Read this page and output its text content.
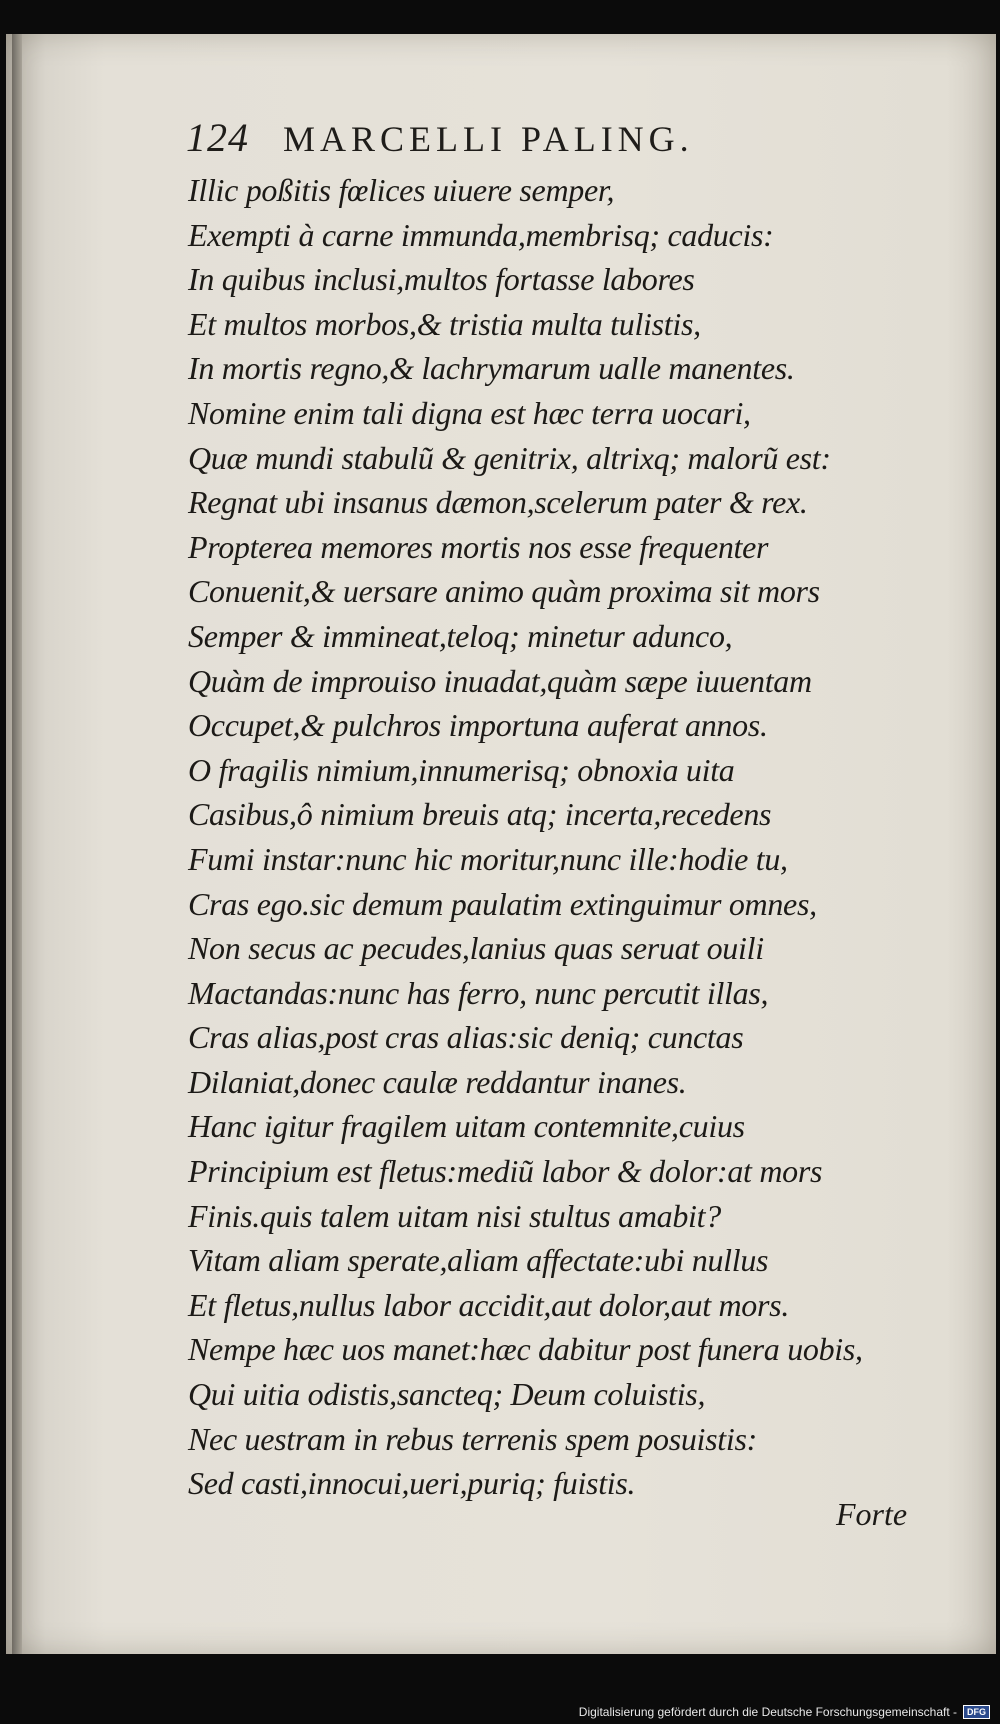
124 MARCELLI PALING.
Illic poßitis fœlices uiuere semper,
Exempti à carne immunda,membrisq; caducis:
In quibus inclusi,multos fortasse labores
Et multos morbos,& tristia multa tulistis,
In mortis regno,& lachrymarum ualle manentes.
Nomine enim tali digna est hæc terra uocari,
Quæ mundi stabulũ & genitrix, altrixq; malorũ est:
Regnat ubi insanus dæmon,scelerum pater & rex.
Propterea memores mortis nos esse frequenter
Conuenit,& uersare animo quàm proxima sit mors
Semper & immineat,teloq; minetur adunco,
Quàm de improuiso inuadat,quàm sæpe iuuentam
Occupet,& pulchros importuna auferat annos.
O fragilis nimium,innumerisq; obnoxia uita
Casibus,ô nimium breuis atq; incerta,recedens
Fumi instar:nunc hic moritur,nunc ille:hodie tu,
Cras ego.sic demum paulatim extinguimur omnes,
Non secus ac pecudes,lanius quas seruat ouili
Mactandas:nunc has ferro, nunc percutit illas,
Cras alias,post cras alias:sic deniq; cunctas
Dilaniat,donec caulæ reddantur inanes.
Hanc igitur fragilem uitam contemnite,cuius
Principium est fletus:mediũ labor & dolor:at mors
Finis.quis talem uitam nisi stultus amabit?
Vitam aliam sperate,aliam affectate:ubi nullus
Et fletus,nullus labor accidit,aut dolor,aut mors.
Nempe hæc uos manet:hæc dabitur post funera uobis,
Qui uitia odistis,sancteq; Deum coluistis,
Nec uestram in rebus terrenis spem posuistis:
Sed casti,innocui,ueri,puriq; fuistis.
Forte
Digitalisierung gefördert durch die Deutsche Forschungsgemeinschaft -	DFG
